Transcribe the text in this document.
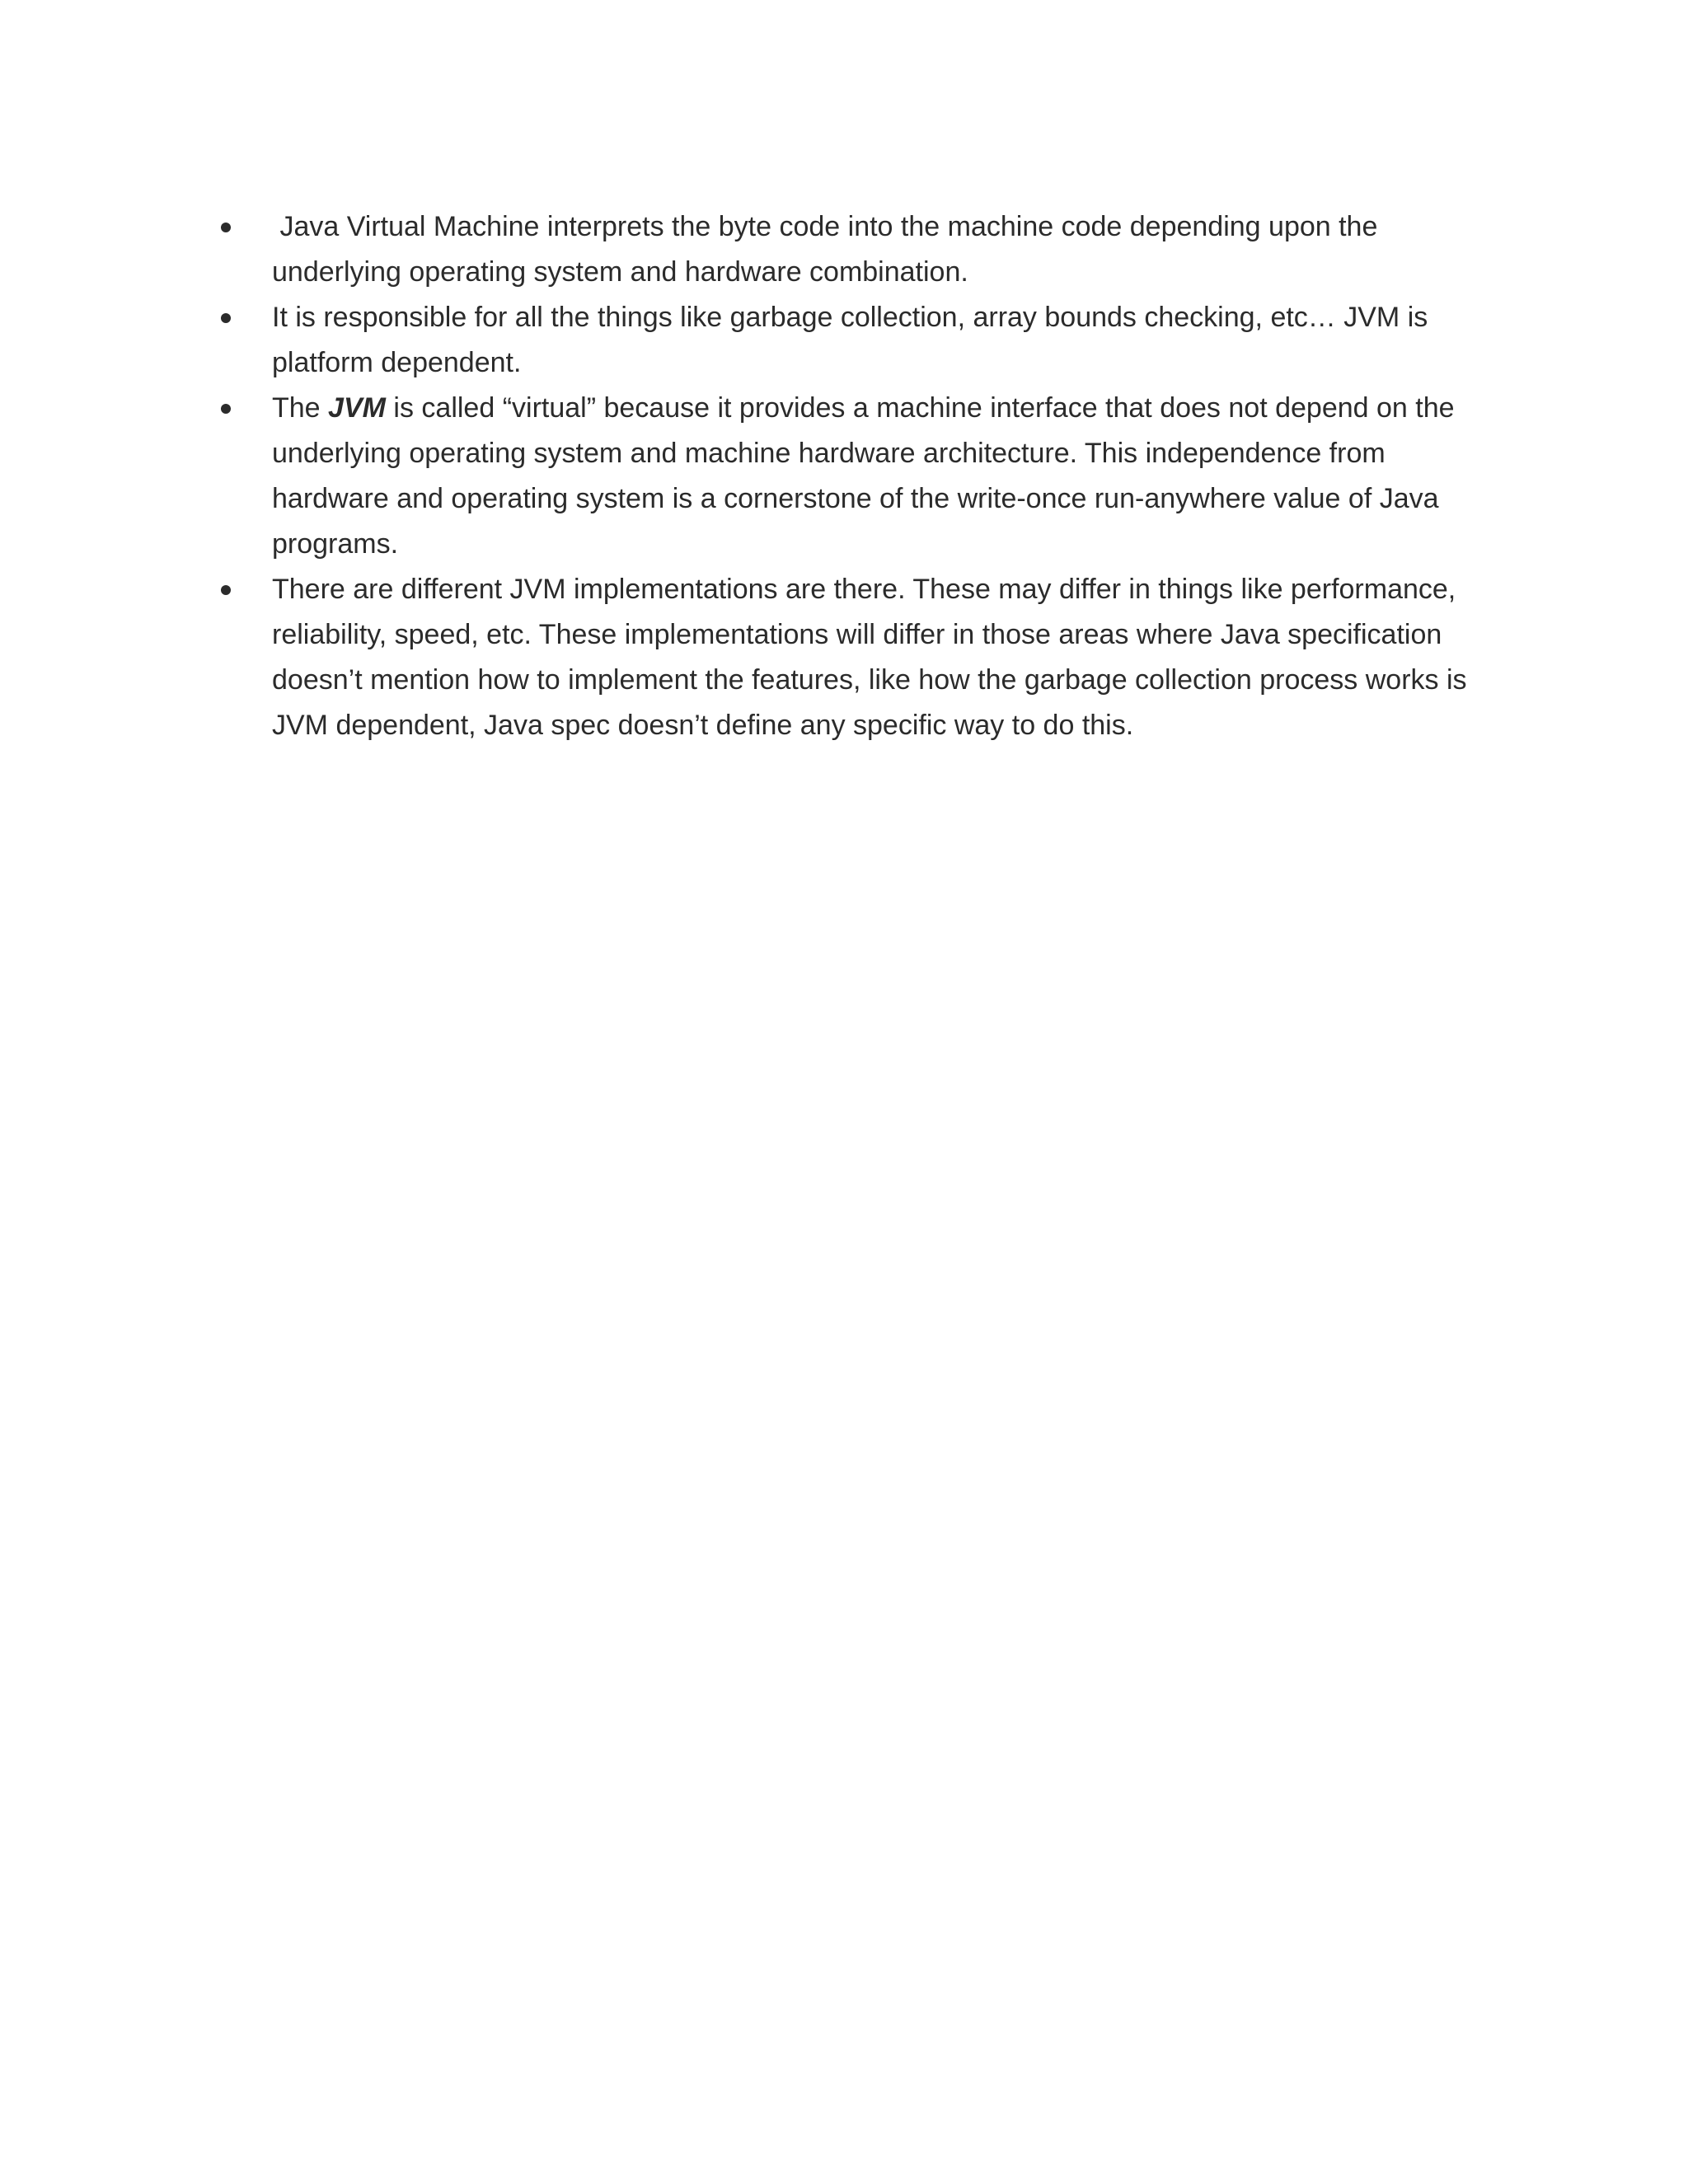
Java Virtual Machine interprets the byte code into the machine code depending upon the underlying operating system and hardware combination.
It is responsible for all the things like garbage collection, array bounds checking, etc… JVM is platform dependent.
The JVM is called “virtual” because it provides a machine interface that does not depend on the underlying operating system and machine hardware architecture. This independence from hardware and operating system is a cornerstone of the write-once run-anywhere value of Java programs.
There are different JVM implementations are there. These may differ in things like performance, reliability, speed, etc. These implementations will differ in those areas where Java specification doesn’t mention how to implement the features, like how the garbage collection process works is JVM dependent, Java spec doesn’t define any specific way to do this.
